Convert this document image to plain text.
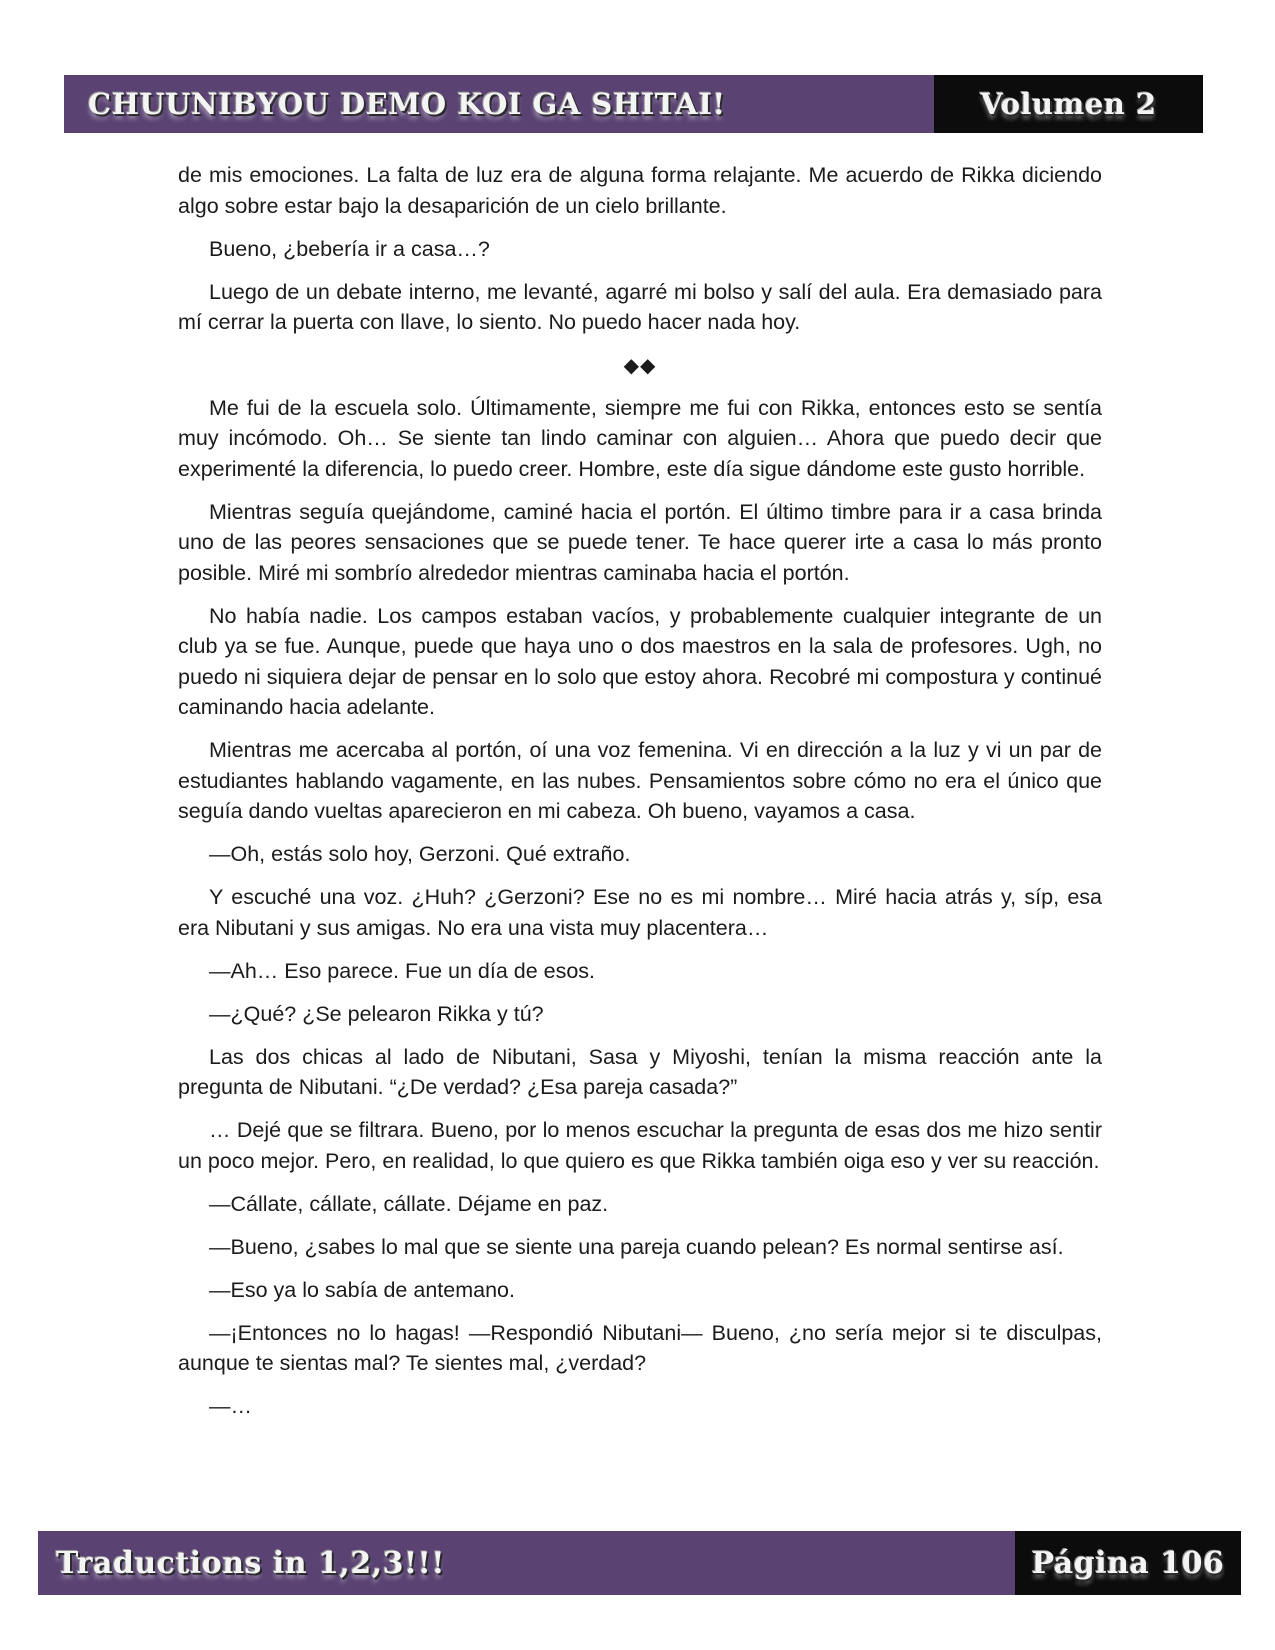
CHUUNIBYOU DEMO KOI GA SHITAI!	Volumen 2

de mis emociones. La falta de luz era de alguna forma relajante. Me acuerdo de Rikka diciendo algo sobre estar bajo la desaparición de un cielo brillante.

Bueno, ¿bebería ir a casa…?

Luego de un debate interno, me levanté, agarré mi bolso y salí del aula. Era demasiado para mí cerrar la puerta con llave, lo siento. No puedo hacer nada hoy.

◆◆

Me fui de la escuela solo. Últimamente, siempre me fui con Rikka, entonces esto se sentía muy incómodo. Oh… Se siente tan lindo caminar con alguien… Ahora que puedo decir que experimenté la diferencia, lo puedo creer. Hombre, este día sigue dándome este gusto horrible.

Mientras seguía quejándome, caminé hacia el portón. El último timbre para ir a casa brinda uno de las peores sensaciones que se puede tener. Te hace querer irte a casa lo más pronto posible. Miré mi sombrío alrededor mientras caminaba hacia el portón.

No había nadie. Los campos estaban vacíos, y probablemente cualquier integrante de un club ya se fue. Aunque, puede que haya uno o dos maestros en la sala de profesores. Ugh, no puedo ni siquiera dejar de pensar en lo solo que estoy ahora. Recobré mi compostura y continué caminando hacia adelante.

Mientras me acercaba al portón, oí una voz femenina. Vi en dirección a la luz y vi un par de estudiantes hablando vagamente, en las nubes. Pensamientos sobre cómo no era el único que seguía dando vueltas aparecieron en mi cabeza. Oh bueno, vayamos a casa.

—Oh, estás solo hoy, Gerzoni. Qué extraño.

Y escuché una voz. ¿Huh? ¿Gerzoni? Ese no es mi nombre… Miré hacia atrás y, síp, esa era Nibutani y sus amigas. No era una vista muy placentera…

—Ah… Eso parece. Fue un día de esos.

—¿Qué? ¿Se pelearon Rikka y tú?

Las dos chicas al lado de Nibutani, Sasa y Miyoshi, tenían la misma reacción ante la pregunta de Nibutani. “¿De verdad? ¿Esa pareja casada?”

… Dejé que se filtrara. Bueno, por lo menos escuchar la pregunta de esas dos me hizo sentir un poco mejor. Pero, en realidad, lo que quiero es que Rikka también oiga eso y ver su reacción.

—Cállate, cállate, cállate. Déjame en paz.

—Bueno, ¿sabes lo mal que se siente una pareja cuando pelean? Es normal sentirse así.

—Eso ya lo sabía de antemano.

—¡Entonces no lo hagas! —Respondió Nibutani— Bueno, ¿no sería mejor si te disculpas, aunque te sientas mal? Te sientes mal, ¿verdad?

—…

Traductions in 1,2,3!!!	Página 106
